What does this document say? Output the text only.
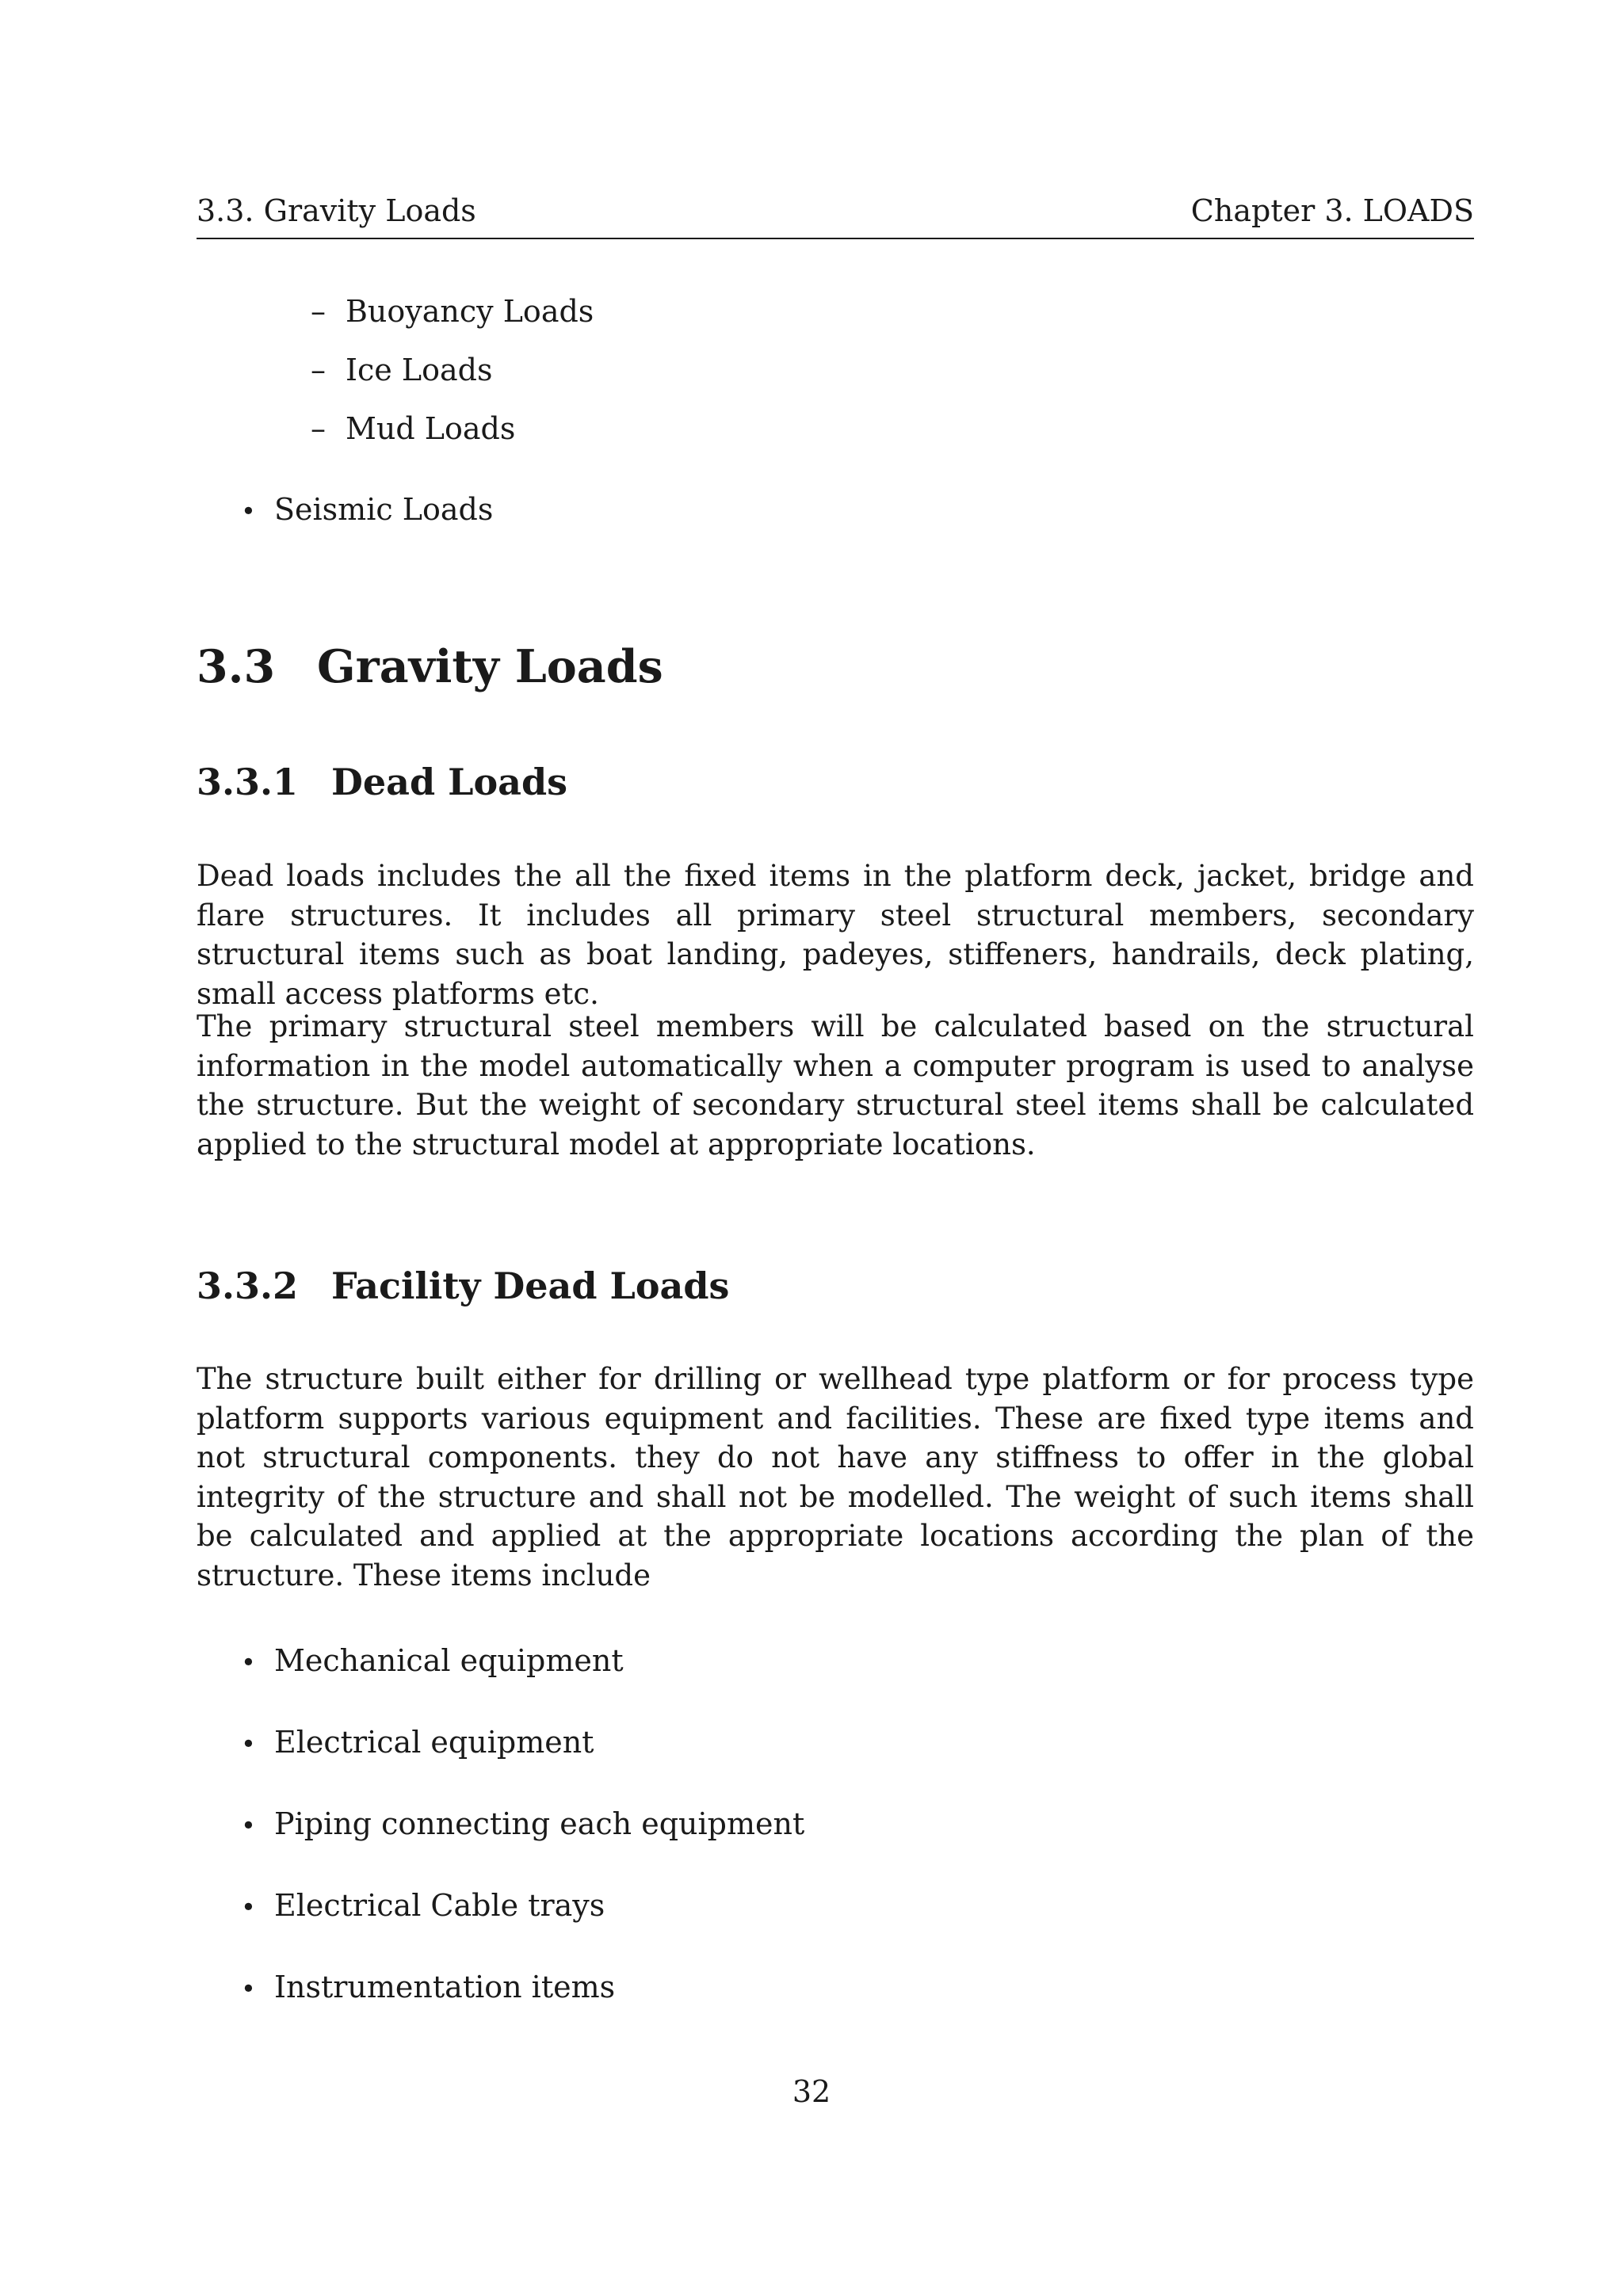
3.3. Gravity Loads	Chapter 3. LOADS
– Buoyancy Loads
– Ice Loads
– Mud Loads
• Seismic Loads
3.3 Gravity Loads
3.3.1 Dead Loads

Dead loads includes the all the fixed items in the platform deck, jacket, bridge and flare structures. It includes all primary steel structural members, secondary structural items such as boat landing, padeyes, stiffeners, handrails, deck plating, small access platforms etc.

The primary structural steel members will be calculated based on the structural information in the model automatically when a computer program is used to analyse the structure. But the weight of secondary structural steel items shall be calculated applied to the structural model at appropriate locations.

3.3.2 Facility Dead Loads

The structure built either for drilling or wellhead type platform or for process type platform supports various equipment and facilities. These are fixed type items and not structural components. they do not have any stiffness to offer in the global integrity of the structure and shall not be modelled. The weight of such items shall be calculated and applied at the appropriate locations according the plan of the structure. These items include

• Mechanical equipment
• Electrical equipment
• Piping connecting each equipment
• Electrical Cable trays
• Instrumentation items
32
